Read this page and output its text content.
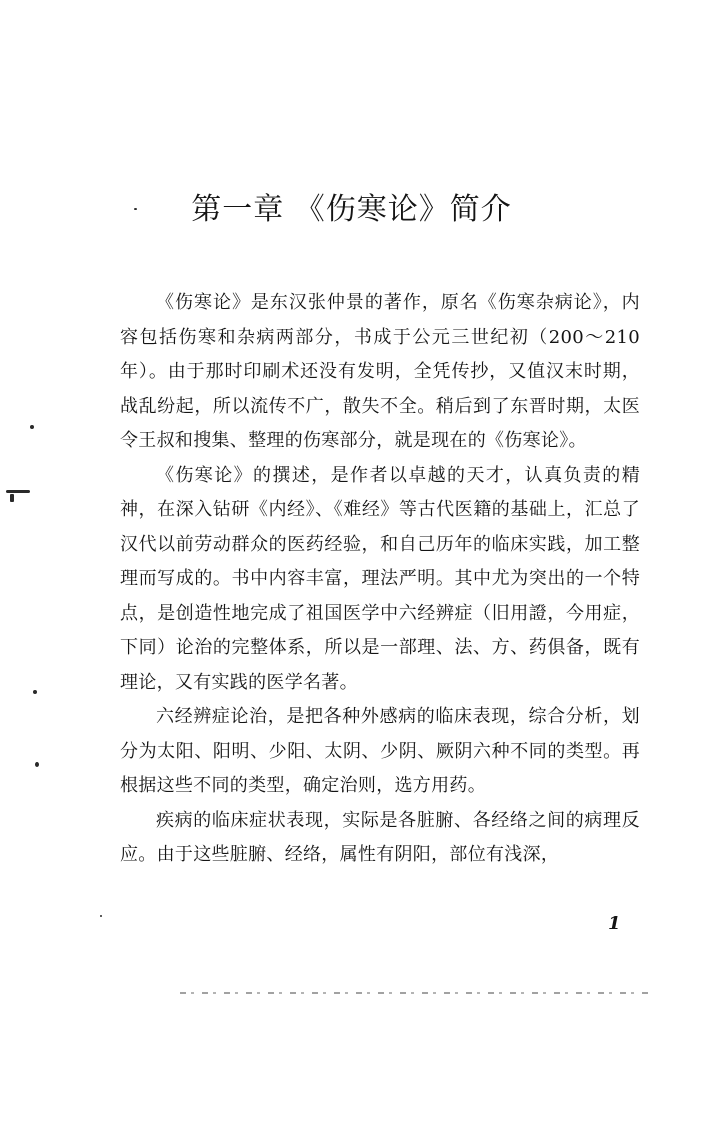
第一章 《伤寒论》简介

《伤寒论》是东汉张仲景的著作，原名《伤寒杂病论》，内容包括伤寒和杂病两部分，书成于公元三世纪初（200～210年）。由于那时印刷术还没有发明，全凭传抄，又值汉末时期，战乱纷起，所以流传不广，散失不全。稍后到了东晋时期，太医令王叔和搜集、整理的伤寒部分，就是现在的《伤寒论》。

《伤寒论》的撰述，是作者以卓越的天才，认真负责的精神，在深入钻研《内经》、《难经》等古代医籍的基础上，汇总了汉代以前劳动群众的医药经验，和自己历年的临床实践，加工整理而写成的。书中内容丰富，理法严明。其中尤为突出的一个特点，是创造性地完成了祖国医学中六经辨症（旧用證，今用症，下同）论治的完整体系，所以是一部理、法、方、药俱备，既有理论，又有实践的医学名著。

六经辨症论治，是把各种外感病的临床表现，综合分析，划分为太阳、阳明、少阳、太阴、少阴、厥阴六种不同的类型。再根据这些不同的类型，确定治则，选方用药。

疾病的临床症状表现，实际是各脏腑、各经络之间的病理反应。由于这些脏腑、经络，属性有阴阳，部位有浅深，

1
